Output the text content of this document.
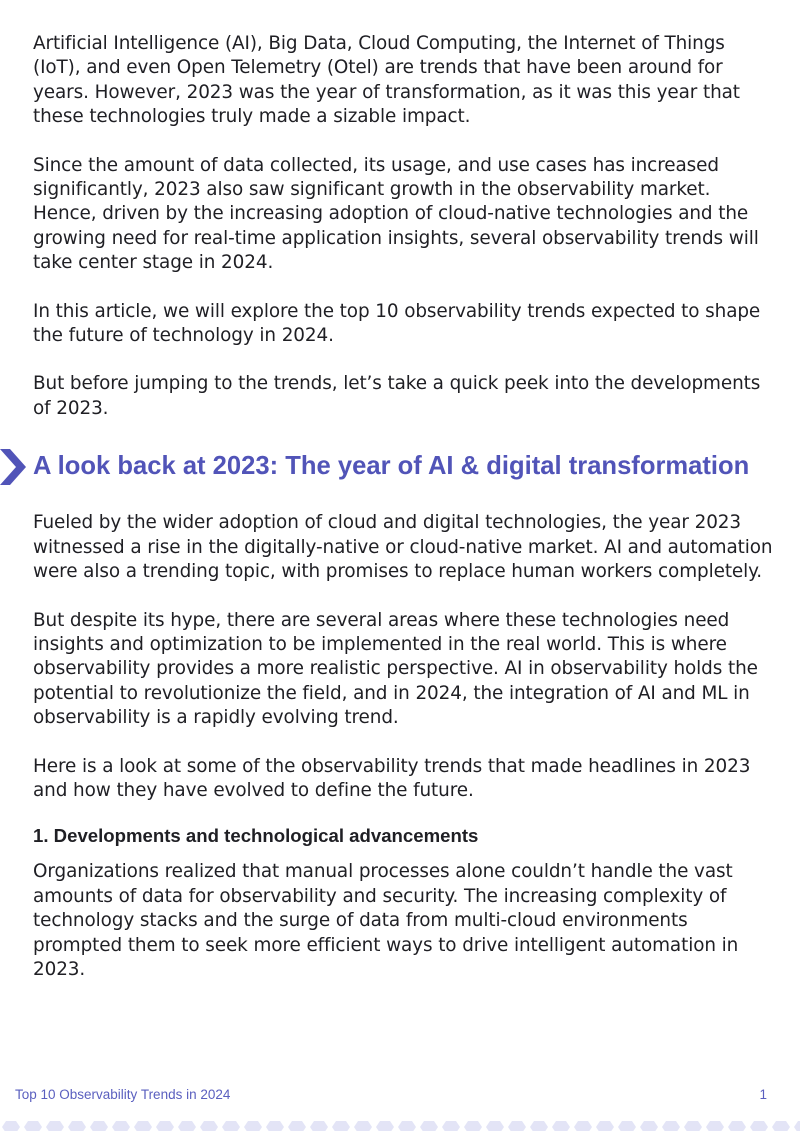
Artificial Intelligence (AI), Big Data, Cloud Computing, the Internet of Things (IoT), and even Open Telemetry (Otel) are trends that have been around for years. However, 2023 was the year of transformation, as it was this year that these technologies truly made a sizable impact.

Since the amount of data collected, its usage, and use cases has increased significantly, 2023 also saw significant growth in the observability market. Hence, driven by the increasing adoption of cloud-native technologies and the growing need for real-time application insights, several observability trends will take center stage in 2024.

In this article, we will explore the top 10 observability trends expected to shape the future of technology in 2024.

But before jumping to the trends, let’s take a quick peek into the developments of 2023.

A look back at 2023: The year of AI & digital transformation

Fueled by the wider adoption of cloud and digital technologies, the year 2023 witnessed a rise in the digitally-native or cloud-native market. AI and automation were also a trending topic, with promises to replace human workers completely.

But despite its hype, there are several areas where these technologies need insights and optimization to be implemented in the real world. This is where observability provides a more realistic perspective. AI in observability holds the potential to revolutionize the field, and in 2024, the integration of AI and ML in observability is a rapidly evolving trend.

Here is a look at some of the observability trends that made headlines in 2023 and how they have evolved to define the future.

1. Developments and technological advancements

Organizations realized that manual processes alone couldn’t handle the vast amounts of data for observability and security. The increasing complexity of technology stacks and the surge of data from multi-cloud environments prompted them to seek more efficient ways to drive intelligent automation in 2023.

Top 10 Observability Trends in 2024	1
